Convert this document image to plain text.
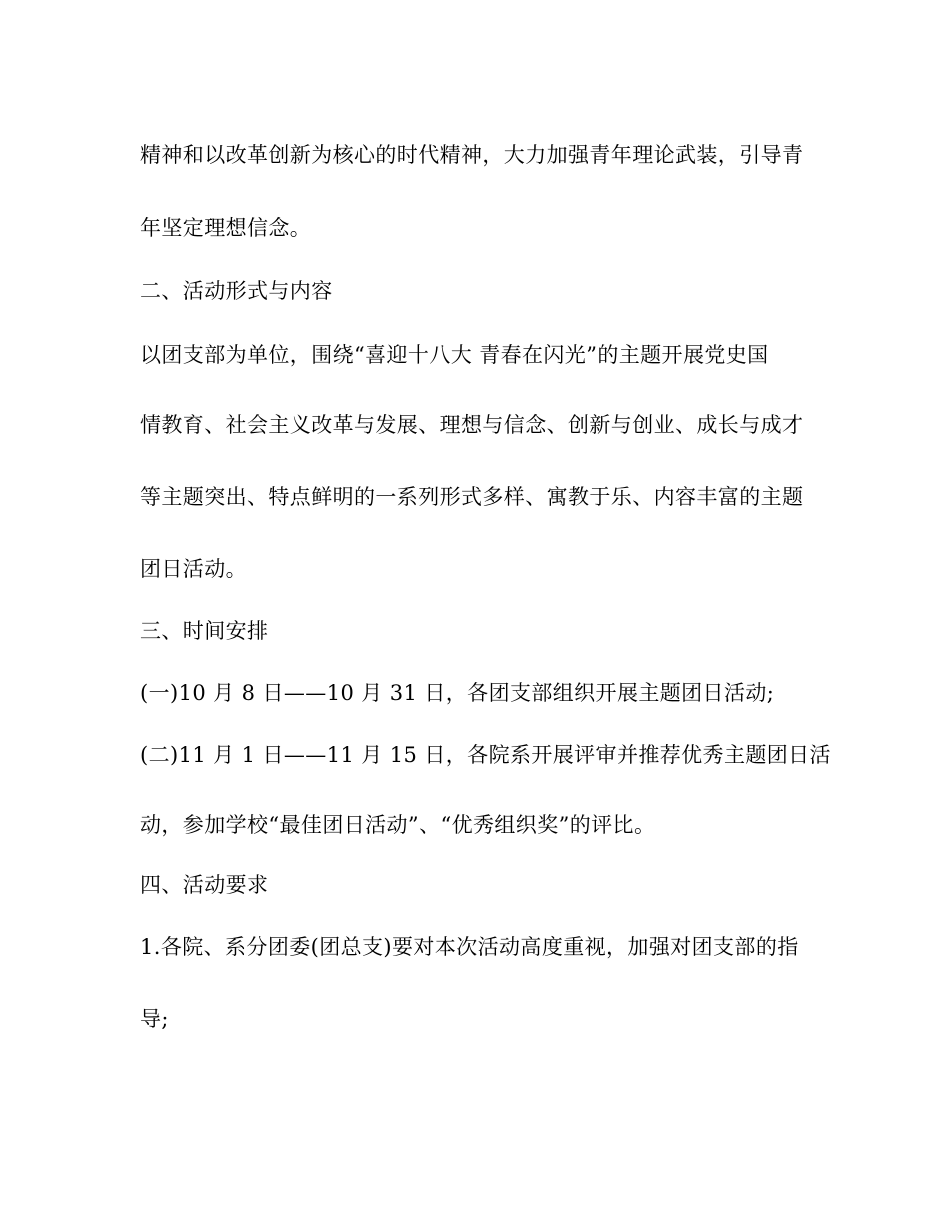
精神和以改革创新为核心的时代精神，大力加强青年理论武装，引导青
年坚定理想信念。
二、活动形式与内容
以团支部为单位，围绕“喜迎十八大 青春在闪光”的主题开展党史国
情教育、社会主义改革与发展、理想与信念、创新与创业、成长与成才
等主题突出、特点鲜明的一系列形式多样、寓教于乐、内容丰富的主题
团日活动。
三、时间安排
(一)10 月 8 日——10 月 31 日，各团支部组织开展主题团日活动;
(二)11 月 1 日——11 月 15 日，各院系开展评审并推荐优秀主题团日活
动，参加学校“最佳团日活动”、“优秀组织奖”的评比。
四、活动要求
1.各院、系分团委(团总支)要对本次活动高度重视，加强对团支部的指
导;
